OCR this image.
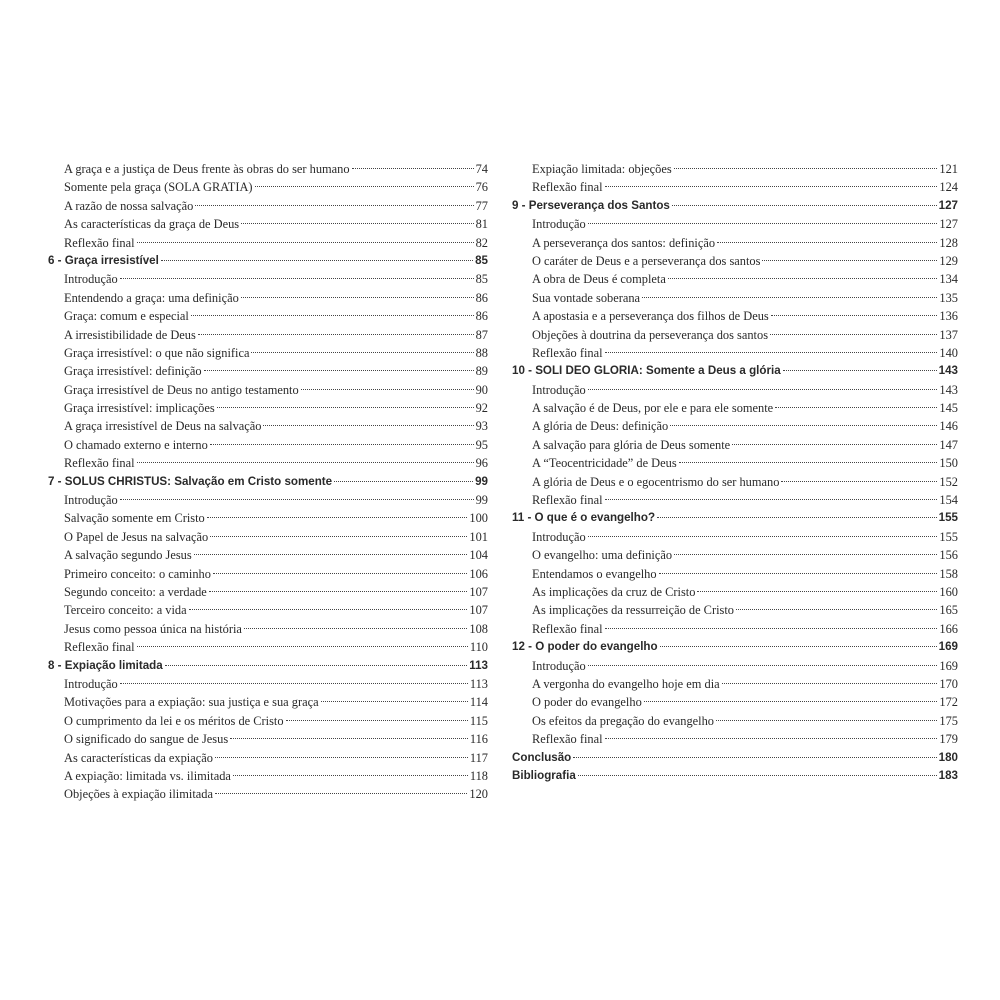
A graça e a justiça de Deus frente às obras do ser humano	74
Somente pela graça (SOLA GRATIA)	76
A razão de nossa salvação	77
As características da graça de Deus	81
Reflexão final	82
6 - Graça irresistível	85
Introdução	85
Entendendo a graça: uma definição	86
Graça: comum e especial	86
A irresistibilidade de Deus	87
Graça irresistível: o que não significa	88
Graça irresistível: definição	89
Graça irresistível de Deus no antigo testamento	90
Graça irresistível: implicações	92
A graça irresistível de Deus na salvação	93
O chamado externo e interno	95
Reflexão final	96
7 - SOLUS CHRISTUS: Salvação em Cristo somente	99
Introdução	99
Salvação somente em Cristo	100
O Papel de Jesus na salvação	101
A salvação segundo Jesus	104
Primeiro conceito: o caminho	106
Segundo conceito: a verdade	107
Terceiro conceito: a vida	107
Jesus como pessoa única na história	108
Reflexão final	110
8 - Expiação limitada	113
Introdução	113
Motivações para a expiação: sua justiça e sua graça	114
O cumprimento da lei e os méritos de Cristo	115
O significado do sangue de Jesus	116
As características da expiação	117
A expiação: limitada vs. ilimitada	118
Objeções à expiação ilimitada	120
Expiação limitada: objeções	121
Reflexão final	124
9 - Perseverança dos Santos	127
Introdução	127
A perseverança dos santos: definição	128
O caráter de Deus e a perseverança dos santos	129
A obra de Deus é completa	134
Sua vontade soberana	135
A apostasia e a perseverança dos filhos de Deus	136
Objeções à doutrina da perseverança dos santos	137
Reflexão final	140
10 - SOLI DEO GLORIA: Somente a Deus a glória	143
Introdução	143
A salvação é de Deus, por ele e para ele somente	145
A glória de Deus: definição	146
A salvação para glória de Deus somente	147
A “Teocentricidade” de Deus	150
A glória de Deus e o egocentrismo do ser humano	152
Reflexão final	154
11 - O que é o evangelho?	155
Introdução	155
O evangelho: uma definição	156
Entendamos o evangelho	158
As implicações da cruz de Cristo	160
As implicações da ressurreição de Cristo	165
Reflexão final	166
12 - O poder do evangelho	169
Introdução	169
A vergonha do evangelho hoje em dia	170
O poder do evangelho	172
Os efeitos da pregação do evangelho	175
Reflexão final	179
Conclusão	180
Bibliografia	183
